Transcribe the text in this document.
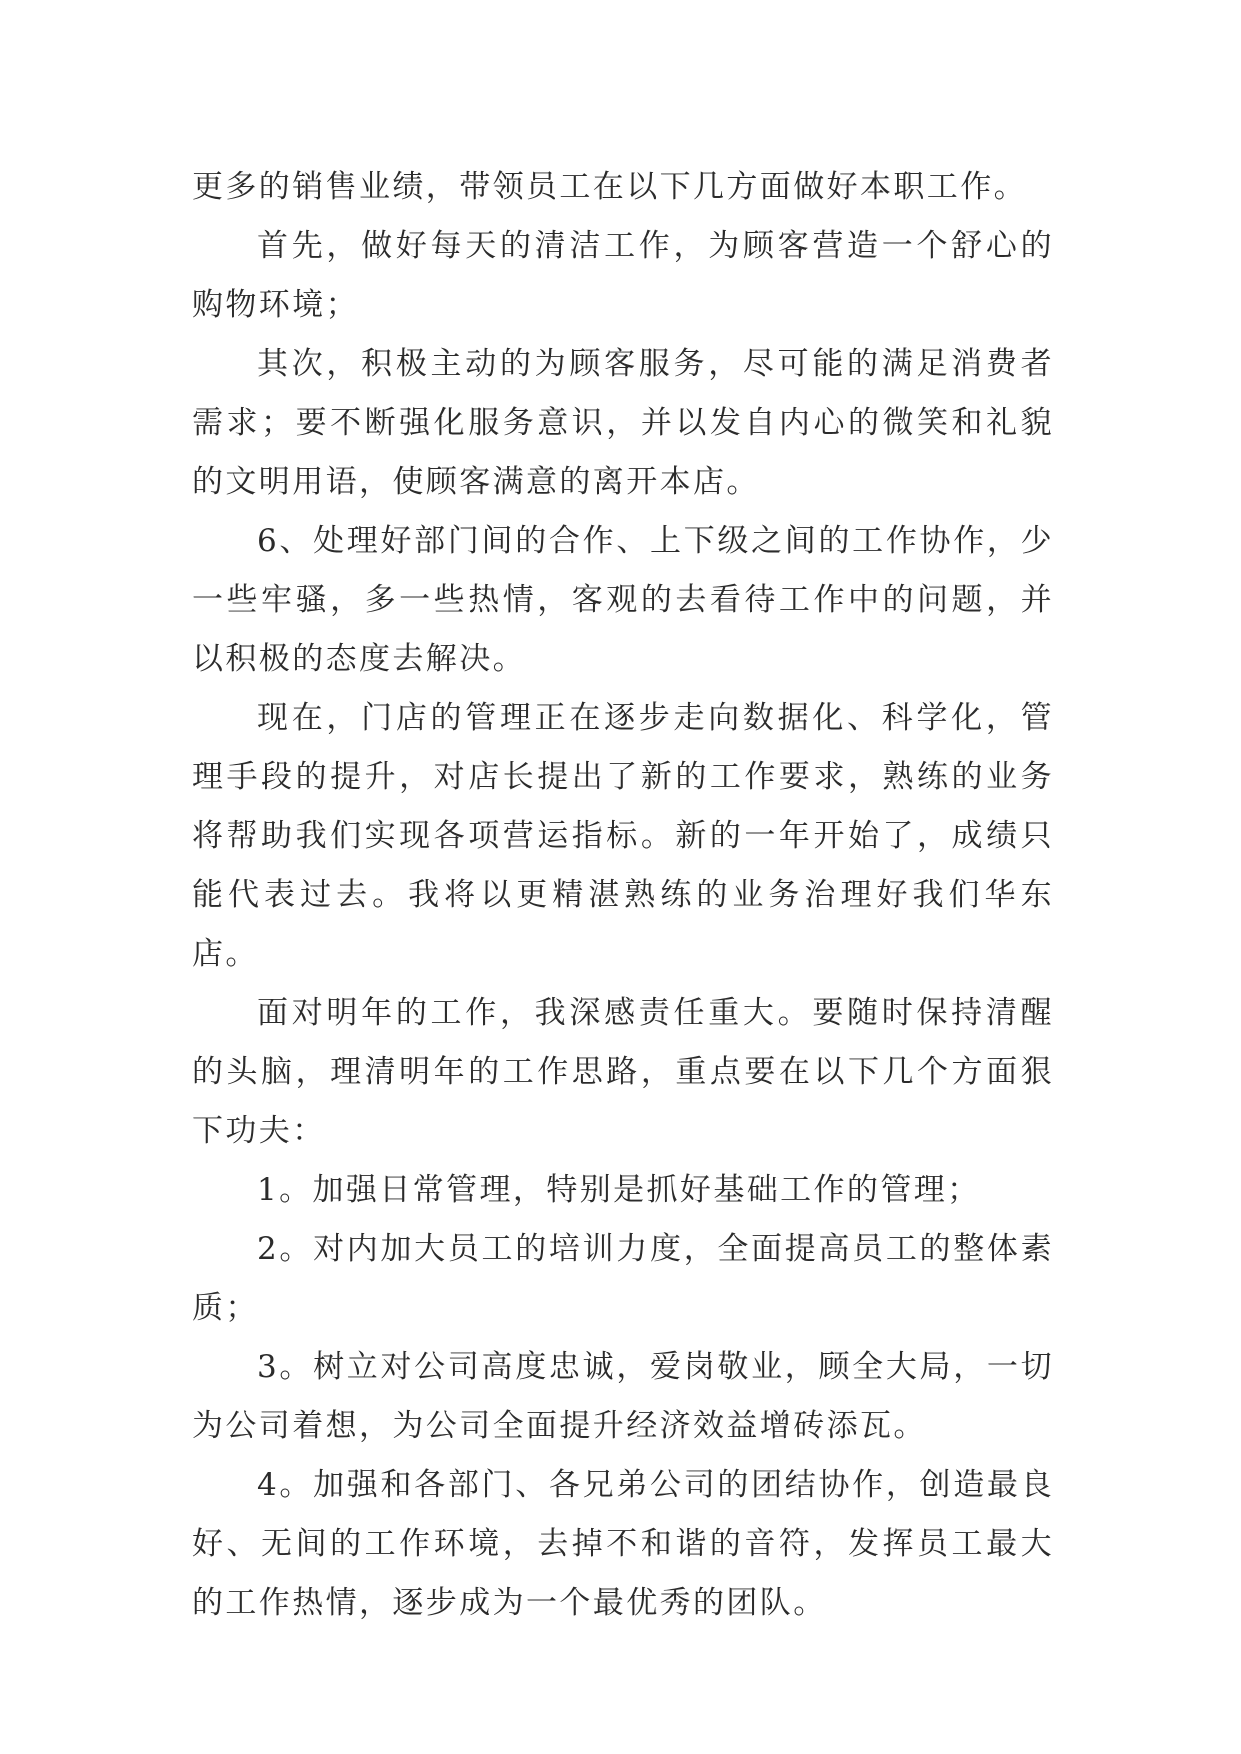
更多的销售业绩，带领员工在以下几方面做好本职工作。

首先，做好每天的清洁工作，为顾客营造一个舒心的购物环境；

其次，积极主动的为顾客服务，尽可能的满足消费者需求；要不断强化服务意识，并以发自内心的微笑和礼貌的文明用语，使顾客满意的离开本店。

6、处理好部门间的合作、上下级之间的工作协作，少一些牢骚，多一些热情，客观的去看待工作中的问题，并以积极的态度去解决。

现在，门店的管理正在逐步走向数据化、科学化，管理手段的提升，对店长提出了新的工作要求，熟练的业务将帮助我们实现各项营运指标。新的一年开始了，成绩只能代表过去。我将以更精湛熟练的业务治理好我们华东店。

面对明年的工作，我深感责任重大。要随时保持清醒的头脑，理清明年的工作思路，重点要在以下几个方面狠下功夫：

1。加强日常管理，特别是抓好基础工作的管理；

2。对内加大员工的培训力度，全面提高员工的整体素质；

3。树立对公司高度忠诚，爱岗敬业，顾全大局，一切为公司着想，为公司全面提升经济效益增砖添瓦。

4。加强和各部门、各兄弟公司的团结协作，创造最良好、无间的工作环境，去掉不和谐的音符，发挥员工最大的工作热情，逐步成为一个最优秀的团队。
